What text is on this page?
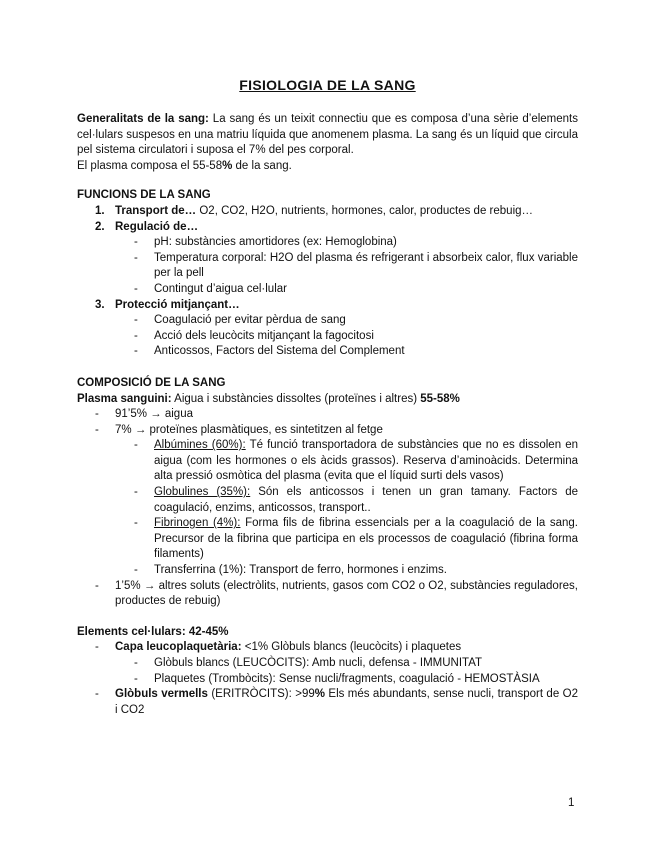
FISIOLOGIA DE LA SANG

Generalitats de la sang: La sang és un teixit connectiu que es composa d’una sèrie d’elements cel·lulars suspesos en una matriu líquida que anomenem plasma. La sang és un líquid que circula pel sistema circulatori i suposa el 7% del pes corporal.

El plasma composa el 55-58% de la sang.

FUNCIONS DE LA SANG
1. Transport de… O2, CO2, H2O, nutrients, hormones, calor, productes de rebuig…
2. Regulació de…
- pH: substàncies amortidores (ex: Hemoglobina)
- Temperatura corporal: H2O del plasma és refrigerant i absorbeix calor, flux variable per la pell
- Contingut d’aigua cel·lular
3. Protecció mitjançant…
- Coagulació per evitar pèrdua de sang
- Acció dels leucòcits mitjançant la fagocitosi
- Anticossos, Factors del Sistema del Complement
COMPOSICIÓ DE LA SANG

Plasma sanguini: Aigua i substàncies dissoltes (proteïnes i altres) 55-58%

- 91’5% → aigua
- 7% → proteïnes plasmàtiques, es sintetitzen al fetge
- Albúmines (60%): Té funció transportadora de substàncies que no es dissolen en aigua (com les hormones o els àcids grassos). Reserva d’aminoàcids. Determina alta pressió osmòtica del plasma (evita que el líquid surti dels vasos)
- Globulines (35%): Són els anticossos i tenen un gran tamany. Factors de coagulació, enzims, anticossos, transport..
- Fibrinogen (4%): Forma fils de fibrina essencials per a la coagulació de la sang. Precursor de la fibrina que participa en els processos de coagulació (fibrina forma filaments)
- Transferrina (1%): Transport de ferro, hormones i enzims.
- 1’5% → altres soluts (electròlits, nutrients, gasos com CO2 o O2, substàncies reguladores, productes de rebuig)

Elements cel·lulars: 42-45%

- Capa leucoplaquetària: <1% Glòbuls blancs (leucòcits) i plaquetes
- Glòbuls blancs (LEUCÒCITS): Amb nucli, defensa - IMMUNITAT
- Plaquetes (Trombòcits): Sense nucli/fragments, coagulació - HEMOSTÀSIA
- Glòbuls vermells (ERITRÒCITS): >99% Els més abundants, sense nucli, transport de O2 i CO2
1
